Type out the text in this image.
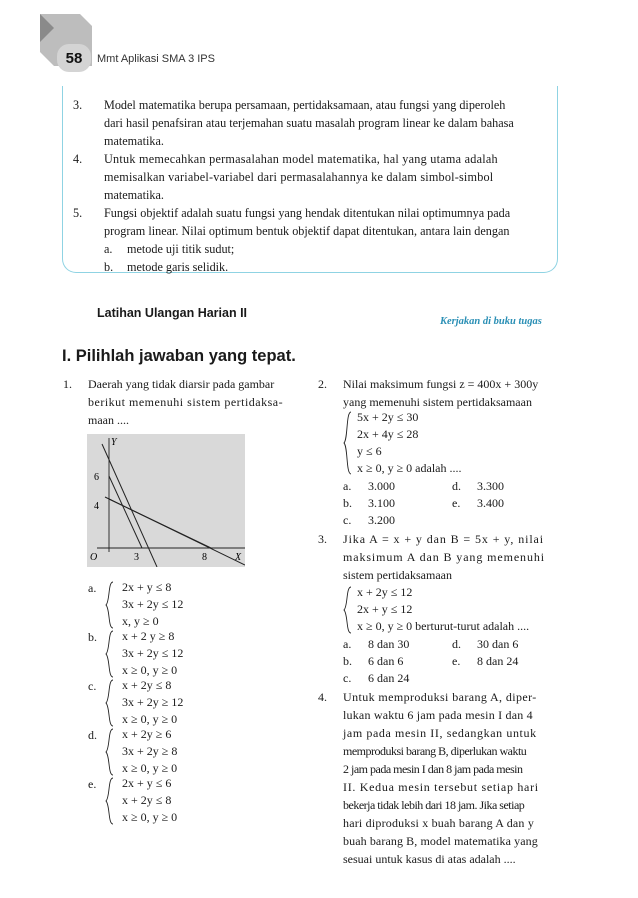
58	Mmt Aplikasi SMA 3 IPS
3. Model matematika berupa persamaan, pertidaksamaan, atau fungsi yang diperoleh
dari hasil penafsiran atau terjemahan suatu masalah program linear ke dalam bahasa
matematika.
4. Untuk memecahkan permasalahan model matematika, hal yang utama adalah
memisalkan variabel-variabel dari permasalahannya ke dalam simbol-simbol
matematika.
5. Fungsi objektif adalah suatu fungsi yang hendak ditentukan nilai optimumnya pada
program linear. Nilai optimum bentuk objektif dapat ditentukan, antara lain dengan
a. metode uji titik sudut;
b. metode garis selidik.
Latihan Ulangan Harian II
Kerjakan di buku tugas
I. Pilihlah jawaban yang tepat.
1. Daerah yang tidak diarsir pada gambar
berikut memenuhi sistem pertidaksa-
maan ....
Y
X
O
6
4
3	8
a. 2x + y ≤ 8
3x + 2y ≤ 12
x, y ≥ 0
b. x + 2 y ≥ 8
3x + 2y ≤ 12
x ≥ 0, y ≥ 0
c. x + 2y ≤ 8
3x + 2y ≥ 12
x ≥ 0, y ≥ 0
d. x + 2y ≥ 6
3x + 2y ≥ 8
x ≥ 0, y ≥ 0
e. 2x + y ≤ 6
x + 2y ≤ 8
x ≥ 0, y ≥ 0
2. Nilai maksimum fungsi z = 400x + 300y
yang memenuhi sistem pertidaksamaan
5x + 2y ≤ 30
2x + 4y ≤ 28
y ≤ 6
x ≥ 0, y ≥ 0 adalah ....
a. 3.000	d. 3.300
b. 3.100	e. 3.400
c. 3.200
3. Jika A = x + y dan B = 5x + y, nilai
maksimum A dan B yang memenuhi
sistem pertidaksamaan
x + 2y ≤ 12
2x + y ≤ 12
x ≥ 0, y ≥ 0 berturut-turut adalah ....
a. 8 dan 30	d. 30 dan 6
b. 6 dan 6	e. 8 dan 24
c. 6 dan 24
4. Untuk memproduksi barang A, diper-
lukan waktu 6 jam pada mesin I dan 4
jam pada mesin II, sedangkan untuk
memproduksi barang B, diperlukan waktu
2 jam pada mesin I dan 8 jam pada mesin
II. Kedua mesin tersebut setiap hari
bekerja tidak lebih dari 18 jam. Jika setiap
hari diproduksi x buah barang A dan y
buah barang B, model matematika yang
sesuai untuk kasus di atas adalah ....
